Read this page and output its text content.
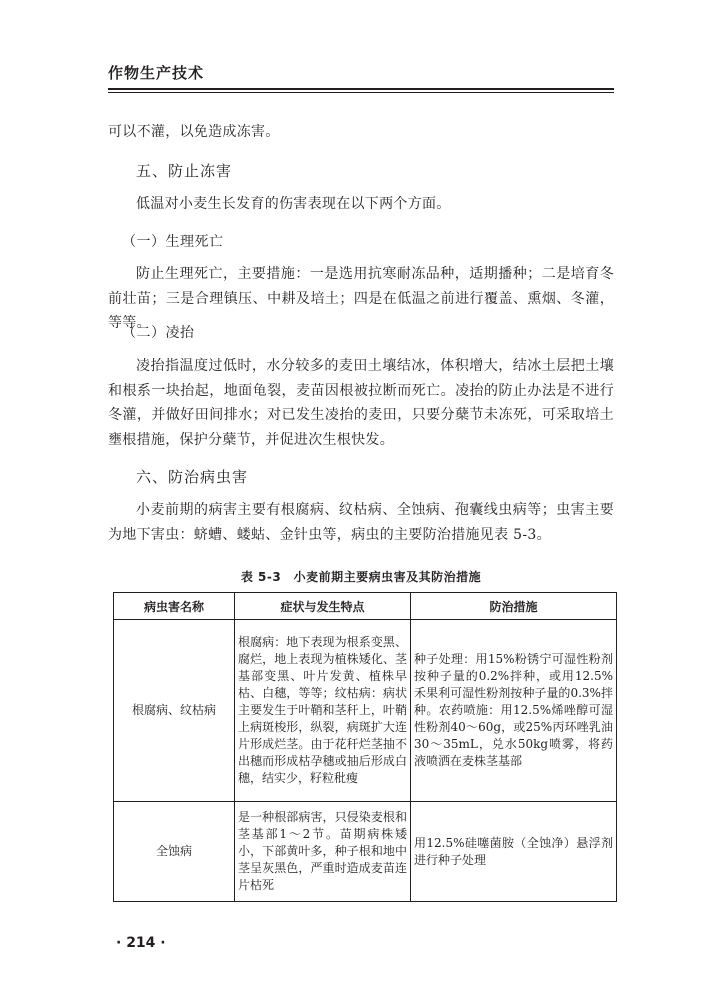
作物生产技术

可以不灌，以免造成冻害。

五、防止冻害

低温对小麦生长发育的伤害表现在以下两个方面。

（一）生理死亡

防止生理死亡，主要措施：一是选用抗寒耐冻品种，适期播种；二是培育冬前壮苗；三是合理镇压、中耕及培土；四是在低温之前进行覆盖、熏烟、冬灌，等等。

（二）凌抬

凌抬指温度过低时，水分较多的麦田土壤结冰，体积增大，结冰土层把土壤和根系一块抬起，地面龟裂，麦苗因根被拉断而死亡。凌抬的防止办法是不进行冬灌，并做好田间排水；对已发生凌抬的麦田，只要分蘖节未冻死，可采取培土壅根措施，保护分蘖节，并促进次生根快发。

六、防治病虫害

小麦前期的病害主要有根腐病、纹枯病、全蚀病、孢囊线虫病等；虫害主要为地下害虫：蛴螬、蝼蛄、金针虫等，病虫的主要防治措施见表 5-3。

表 5-3　小麦前期主要病虫害及其防治措施
病虫害名称	症状与发生特点	防治措施
根腐病、纹枯病	根腐病：地下表现为根系变黑、腐烂，地上表现为植株矮化、茎基部变黑、叶片发黄、植株早枯、白穗，等等；纹枯病：病状主要发生于叶鞘和茎秆上，叶鞘上病斑梭形，纵裂，病斑扩大连片形成烂茎。由于花秆烂茎抽不出穗而形成枯孕穗或抽后形成白穗，结实少，籽粒秕瘦	种子处理：用15%粉锈宁可湿性粉剂按种子量的0.2%拌种，或用12.5%禾果利可湿性粉剂按种子量的0.3%拌种。农药喷施：用12.5%烯唑醇可湿性粉剂40～60g，或25%丙环唑乳油30～35mL，兑水50kg喷雾，将药液喷洒在麦株茎基部
全蚀病	是一种根部病害，只侵染麦根和茎基部1～2节。苗期病株矮小，下部黄叶多，种子根和地中茎呈灰黑色，严重时造成麦苗连片枯死	用12.5%硅噻菌胺（全蚀净）悬浮剂进行种子处理
· 214 ·
